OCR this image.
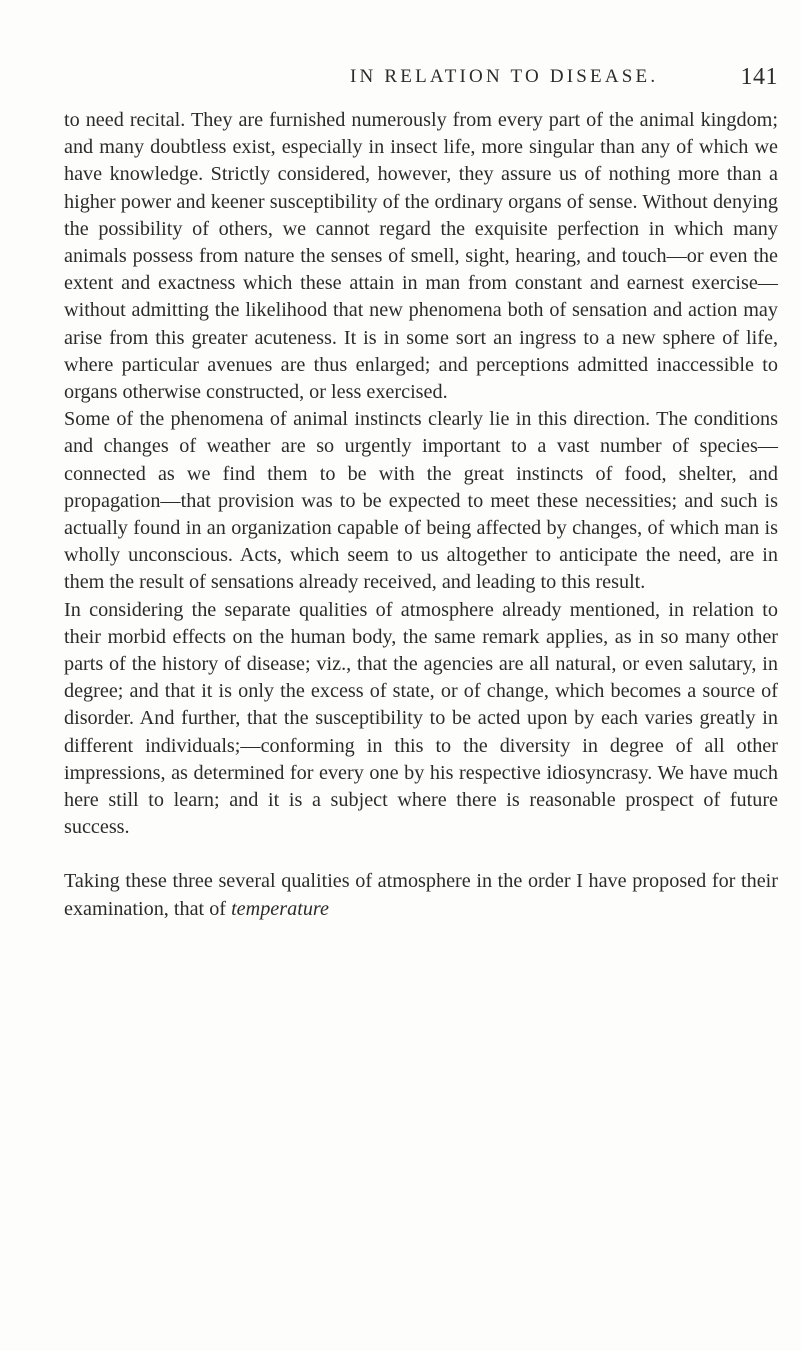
IN RELATION TO DISEASE.	141

to need recital. They are furnished numerously from every part of the animal kingdom; and many doubtless exist, especially in insect life, more singular than any of which we have knowledge. Strictly considered, however, they assure us of nothing more than a higher power and keener susceptibility of the ordinary organs of sense. Without denying the possibility of others, we cannot regard the exquisite perfection in which many animals possess from nature the senses of smell, sight, hearing, and touch—or even the extent and exactness which these attain in man from constant and earnest exercise—without admitting the likelihood that new phenomena both of sensation and action may arise from this greater acuteness. It is in some sort an ingress to a new sphere of life, where particular avenues are thus enlarged; and perceptions admitted inaccessible to organs otherwise constructed, or less exercised.

Some of the phenomena of animal instincts clearly lie in this direction. The conditions and changes of weather are so urgently important to a vast number of species—connected as we find them to be with the great instincts of food, shelter, and propagation—that provision was to be expected to meet these necessities; and such is actually found in an organization capable of being affected by changes, of which man is wholly unconscious. Acts, which seem to us altogether to anticipate the need, are in them the result of sensations already received, and leading to this result.

In considering the separate qualities of atmosphere already mentioned, in relation to their morbid effects on the human body, the same remark applies, as in so many other parts of the history of disease; viz., that the agencies are all natural, or even salutary, in degree; and that it is only the excess of state, or of change, which becomes a source of disorder. And further, that the susceptibility to be acted upon by each varies greatly in different individuals;—conforming in this to the diversity in degree of all other impressions, as determined for every one by his respective idiosyncrasy. We have much here still to learn; and it is a subject where there is reasonable prospect of future success.

Taking these three several qualities of atmosphere in the order I have proposed for their examination, that of temperature
